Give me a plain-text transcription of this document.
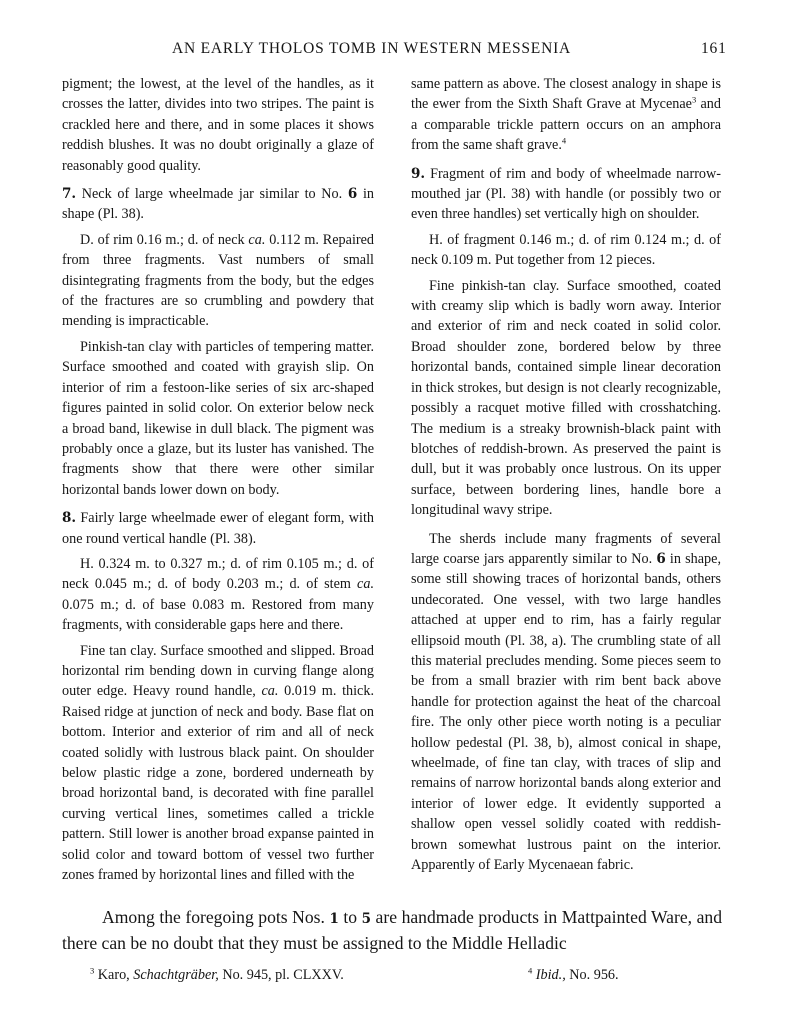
AN EARLY THOLOS TOMB IN WESTERN MESSENIA	161

pigment; the lowest, at the level of the handles, as it crosses the latter, divides into two stripes. The paint is crackled here and there, and in some places it shows reddish blushes. It was no doubt originally a glaze of reasonably good quality.

7. Neck of large wheelmade jar similar to No. 6 in shape (Pl. 38).

D. of rim 0.16 m.; d. of neck ca. 0.112 m. Repaired from three fragments. Vast numbers of small disintegrating fragments from the body, but the edges of the fractures are so crumbling and powdery that mending is impracticable.

Pinkish-tan clay with particles of tempering matter. Surface smoothed and coated with grayish slip. On interior of rim a festoon-like series of six arc-shaped figures painted in solid color. On exterior below neck a broad band, likewise in dull black. The pigment was probably once a glaze, but its luster has vanished. The fragments show that there were other similar horizontal bands lower down on body.

8. Fairly large wheelmade ewer of elegant form, with one round vertical handle (Pl. 38).

H. 0.324 m. to 0.327 m.; d. of rim 0.105 m.; d. of neck 0.045 m.; d. of body 0.203 m.; d. of stem ca. 0.075 m.; d. of base 0.083 m. Restored from many fragments, with considerable gaps here and there.

Fine tan clay. Surface smoothed and slipped. Broad horizontal rim bending down in curving flange along outer edge. Heavy round handle, ca. 0.019 m. thick. Raised ridge at junction of neck and body. Base flat on bottom. Interior and exterior of rim and all of neck coated solidly with lustrous black paint. On shoulder below plastic ridge a zone, bordered underneath by broad horizontal band, is decorated with fine parallel curving vertical lines, sometimes called a trickle pattern. Still lower is another broad expanse painted in solid color and toward bottom of vessel two further zones framed by horizontal lines and filled with the

same pattern as above. The closest analogy in shape is the ewer from the Sixth Shaft Grave at Mycenae$^3$ and a comparable trickle pattern occurs on an amphora from the same shaft grave.$^4$

9. Fragment of rim and body of wheelmade narrow-mouthed jar (Pl. 38) with handle (or possibly two or even three handles) set vertically high on shoulder.

H. of fragment 0.146 m.; d. of rim 0.124 m.; d. of neck 0.109 m. Put together from 12 pieces.

Fine pinkish-tan clay. Surface smoothed, coated with creamy slip which is badly worn away. Interior and exterior of rim and neck coated in solid color. Broad shoulder zone, bordered below by three horizontal bands, contained simple linear decoration in thick strokes, but design is not clearly recognizable, possibly a racquet motive filled with crosshatching. The medium is a streaky brownish-black paint with blotches of reddish-brown. As preserved the paint is dull, but it was probably once lustrous. On its upper surface, between bordering lines, handle bore a longitudinal wavy stripe.

The sherds include many fragments of several large coarse jars apparently similar to No. 6 in shape, some still showing traces of horizontal bands, others undecorated. One vessel, with two large handles attached at upper end to rim, has a fairly regular ellipsoid mouth (Pl. 38, a). The crumbling state of all this material precludes mending. Some pieces seem to be from a small brazier with rim bent back above handle for protection against the heat of the charcoal fire. The only other piece worth noting is a peculiar hollow pedestal (Pl. 38, b), almost conical in shape, wheelmade, of fine tan clay, with traces of slip and remains of narrow horizontal bands along exterior and interior of lower edge. It evidently supported a shallow open vessel solidly coated with reddish-brown somewhat lustrous paint on the interior. Apparently of Early Mycenaean fabric.

Among the foregoing pots Nos. 1 to 5 are handmade products in Mattpainted Ware, and there can be no doubt that they must be assigned to the Middle Helladic

$^3$ Karo, Schachtgräber, No. 945, pl. CLXXV.	$^4$ Ibid., No. 956.
